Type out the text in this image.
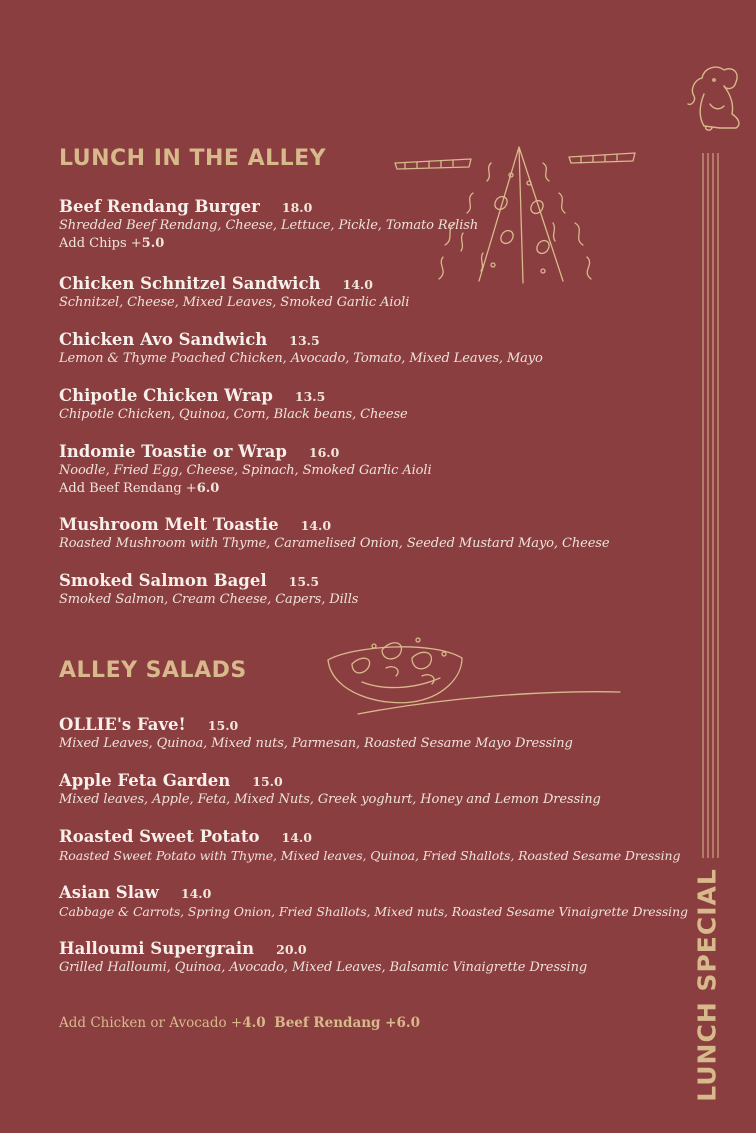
LUNCH SPECIAL
LUNCH IN THE ALLEY
Beef Rendang Burger 18.0
Shredded Beef Rendang, Cheese, Lettuce, Pickle, Tomato Relish
Add Chips +5.0
Chicken Schnitzel Sandwich 14.0
Schnitzel, Cheese, Mixed Leaves, Smoked Garlic Aioli
Chicken Avo Sandwich 13.5
Lemon & Thyme Poached Chicken, Avocado, Tomato, Mixed Leaves, Mayo
Chipotle Chicken Wrap 13.5
Chipotle Chicken, Quinoa, Corn, Black beans, Cheese
Indomie Toastie or Wrap 16.0
Noodle, Fried Egg, Cheese, Spinach, Smoked Garlic Aioli
Add Beef Rendang +6.0
Mushroom Melt Toastie 14.0
Roasted Mushroom with Thyme, Caramelised Onion, Seeded Mustard Mayo, Cheese
Smoked Salmon Bagel 15.5
Smoked Salmon, Cream Cheese, Capers, Dills
ALLEY SALADS
OLLIE's Fave! 15.0
Mixed Leaves, Quinoa, Mixed nuts, Parmesan, Roasted Sesame Mayo Dressing
Apple Feta Garden 15.0
Mixed leaves, Apple, Feta, Mixed Nuts, Greek yoghurt, Honey and Lemon Dressing
Roasted Sweet Potato 14.0
Roasted Sweet Potato with Thyme, Mixed leaves, Quinoa, Fried Shallots, Roasted Sesame Dressing
Asian Slaw 14.0
Cabbage & Carrots, Spring Onion, Fried Shallots, Mixed nuts, Roasted Sesame Vinaigrette Dressing
Halloumi Supergrain 20.0
Grilled Halloumi, Quinoa, Avocado, Mixed Leaves, Balsamic Vinaigrette Dressing
Add Chicken or Avocado +4.0 Beef Rendang +6.0
